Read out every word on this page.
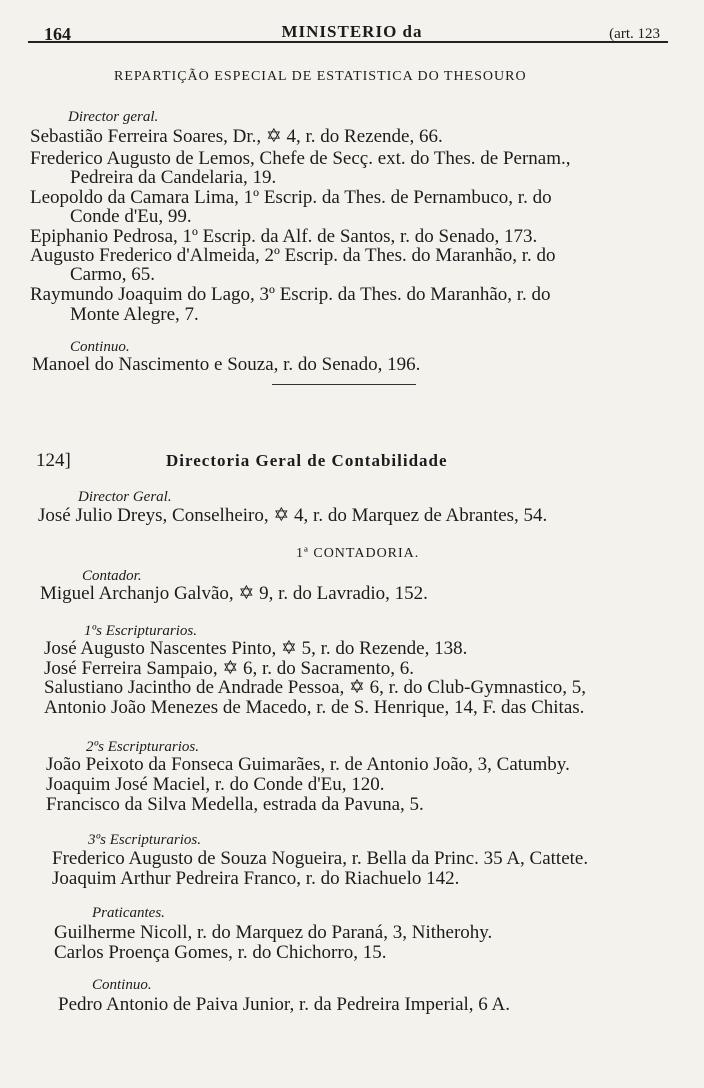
164	MINISTERIO da	(art. 123
REPARTIÇÃO ESPECIAL DE ESTATISTICA DO THESOURO
Director geral.
Sebastião Ferreira Soares, Dr., ✡ 4, r. do Rezende, 66.
Frederico Augusto de Lemos, Chefe de Secç. ext. do Thes. de Pernam.,
Pedreira da Candelaria, 19.
Leopoldo da Camara Lima, 1º Escrip. da Thes. de Pernambuco, r. do
Conde d'Eu, 99.
Epiphanio Pedrosa, 1º Escrip. da Alf. de Santos, r. do Senado, 173.
Augusto Frederico d'Almeida, 2º Escrip. da Thes. do Maranhão, r. do
Carmo, 65.
Raymundo Joaquim do Lago, 3º Escrip. da Thes. do Maranhão, r. do
Monte Alegre, 7.
Continuo.
Manoel do Nascimento e Souza, r. do Senado, 196.
124]	Directoria Geral de Contabilidade
Director Geral.
José Julio Dreys, Conselheiro, ✡ 4, r. do Marquez de Abrantes, 54.
1ª CONTADORIA.
Contador.
Miguel Archanjo Galvão, ✡ 9, r. do Lavradio, 152.
1ºs Escripturarios.
José Augusto Nascentes Pinto, ✡ 5, r. do Rezende, 138.
José Ferreira Sampaio, ✡ 6, r. do Sacramento, 6.
Salustiano Jacintho de Andrade Pessoa, ✡ 6, r. do Club-Gymnastico, 5,
Antonio João Menezes de Macedo, r. de S. Henrique, 14, F. das Chitas.
2ºs Escripturarios.
João Peixoto da Fonseca Guimarães, r. de Antonio João, 3, Catumby.
Joaquim José Maciel, r. do Conde d'Eu, 120.
Francisco da Silva Medella, estrada da Pavuna, 5.
3ºs Escripturarios.
Frederico Augusto de Souza Nogueira, r. Bella da Princ. 35 A, Cattete.
Joaquim Arthur Pedreira Franco, r. do Riachuelo 142.
Praticantes.
Guilherme Nicoll, r. do Marquez do Paraná, 3, Nitherohy.
Carlos Proença Gomes, r. do Chichorro, 15.
Continuo.
Pedro Antonio de Paiva Junior, r. da Pedreira Imperial, 6 A.
